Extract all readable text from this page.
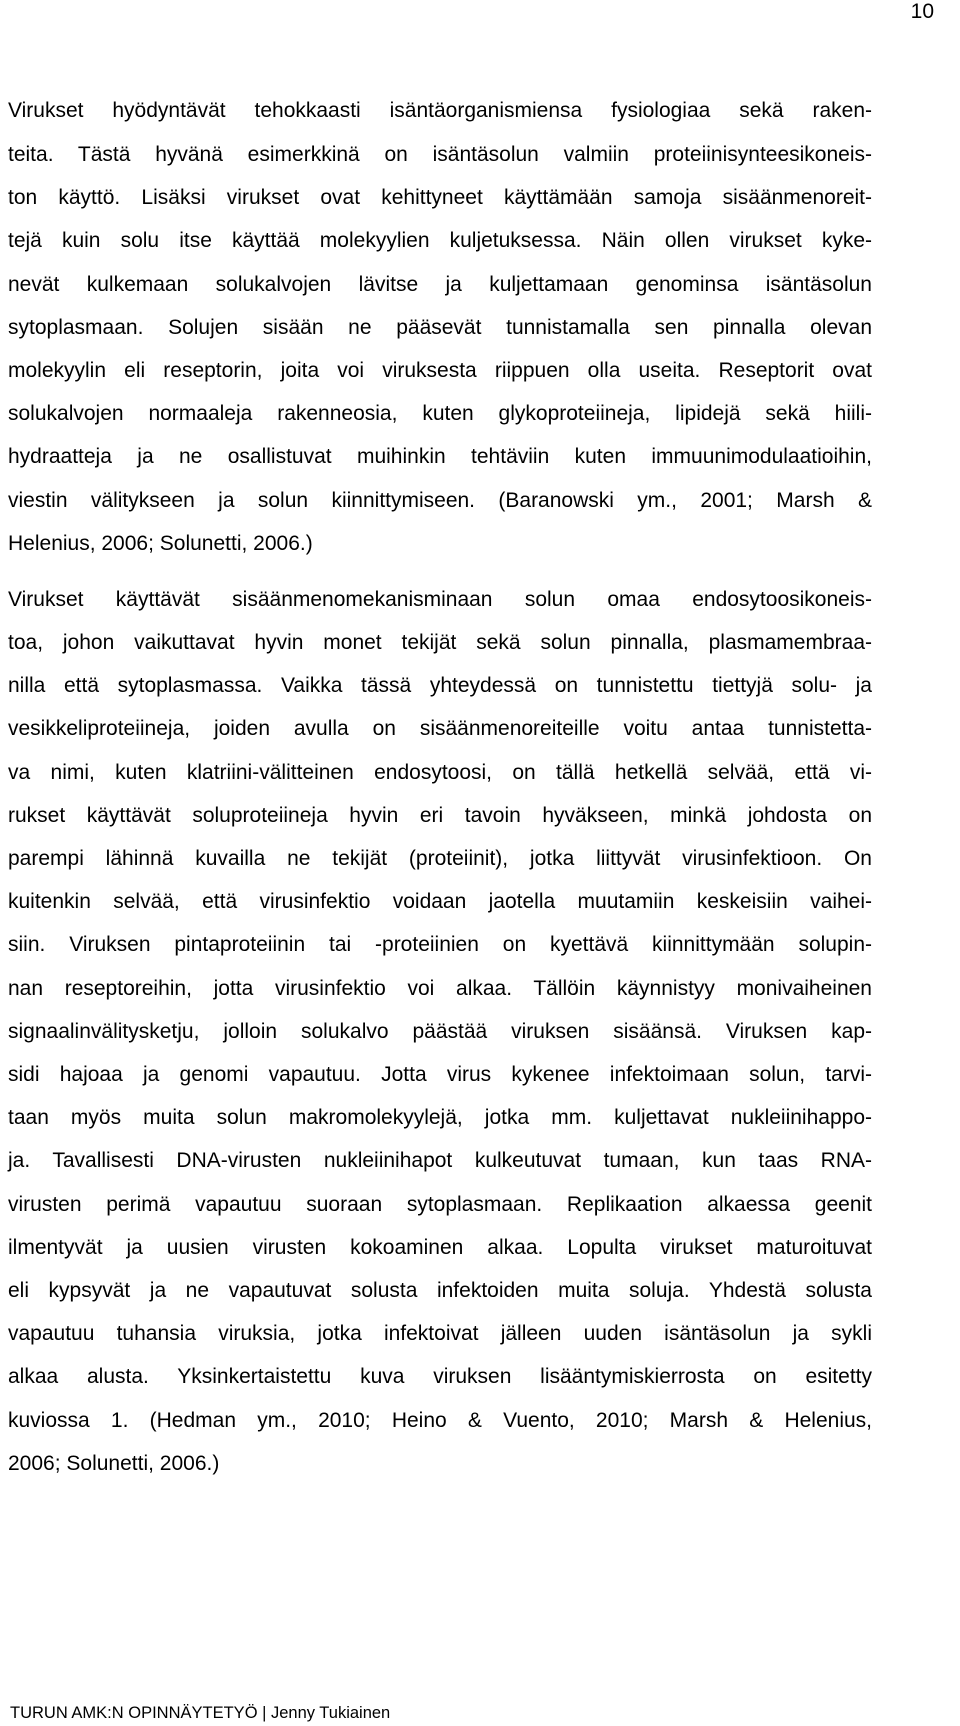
10
Virukset hyödyntävät tehokkaasti isäntäorganismiensa fysiologiaa sekä raken-
teita. Tästä hyvänä esimerkkinä on isäntäsolun valmiin proteiinisynteesikoneis-
ton käyttö. Lisäksi virukset ovat kehittyneet käyttämään samoja sisäänmenoreit-
tejä kuin solu itse käyttää molekyylien kuljetuksessa. Näin ollen virukset kyke-
nevät kulkemaan solukalvojen lävitse ja kuljettamaan genominsa isäntäsolun
sytoplasmaan. Solujen sisään ne pääsevät tunnistamalla sen pinnalla olevan
molekyylin eli reseptorin, joita voi viruksesta riippuen olla useita. Reseptorit ovat
solukalvojen normaaleja rakenneosia, kuten glykoproteiineja, lipidejä sekä hiili-
hydraatteja ja ne osallistuvat muihinkin tehtäviin kuten immuunimodulaatioihin,
viestin välitykseen ja solun kiinnittymiseen. (Baranowski ym., 2001; Marsh &
Helenius, 2006; Solunetti, 2006.)
Virukset käyttävät sisäänmenomekanisminaan solun omaa endosytoosikoneis-
toa, johon vaikuttavat hyvin monet tekijät sekä solun pinnalla, plasmamembraa-
nilla että sytoplasmassa. Vaikka tässä yhteydessä on tunnistettu tiettyjä solu- ja
vesikkeliproteiineja, joiden avulla on sisäänmenoreiteille voitu antaa tunnistetta-
va nimi, kuten klatriini-välitteinen endosytoosi, on tällä hetkellä selvää, että vi-
rukset käyttävät soluproteiineja hyvin eri tavoin hyväkseen, minkä johdosta on
parempi lähinnä kuvailla ne tekijät (proteiinit), jotka liittyvät virusinfektioon. On
kuitenkin selvää, että virusinfektio voidaan jaotella muutamiin keskeisiin vaihei-
siin. Viruksen pintaproteiinin tai -proteiinien on kyettävä kiinnittymään solupin-
nan reseptoreihin, jotta virusinfektio voi alkaa. Tällöin käynnistyy monivaiheinen
signaalinvälitysketju, jolloin solukalvo päästää viruksen sisäänsä. Viruksen kap-
sidi hajoaa ja genomi vapautuu. Jotta virus kykenee infektoimaan solun, tarvi-
taan myös muita solun makromolekyylejä, jotka mm. kuljettavat nukleiinihappo-
ja. Tavallisesti DNA-virusten nukleiinihapot kulkeutuvat tumaan, kun taas RNA-
virusten perimä vapautuu suoraan sytoplasmaan. Replikaation alkaessa geenit
ilmentyvät ja uusien virusten kokoaminen alkaa. Lopulta virukset maturoituvat
eli kypsyvät ja ne vapautuvat solusta infektoiden muita soluja. Yhdestä solusta
vapautuu tuhansia viruksia, jotka infektoivat jälleen uuden isäntäsolun ja sykli
alkaa alusta. Yksinkertaistettu kuva viruksen lisääntymiskierrosta on esitetty
kuviossa 1. (Hedman ym., 2010; Heino & Vuento, 2010; Marsh & Helenius,
2006; Solunetti, 2006.)
TURUN AMK:N OPINNÄYTETYÖ | Jenny Tukiainen
